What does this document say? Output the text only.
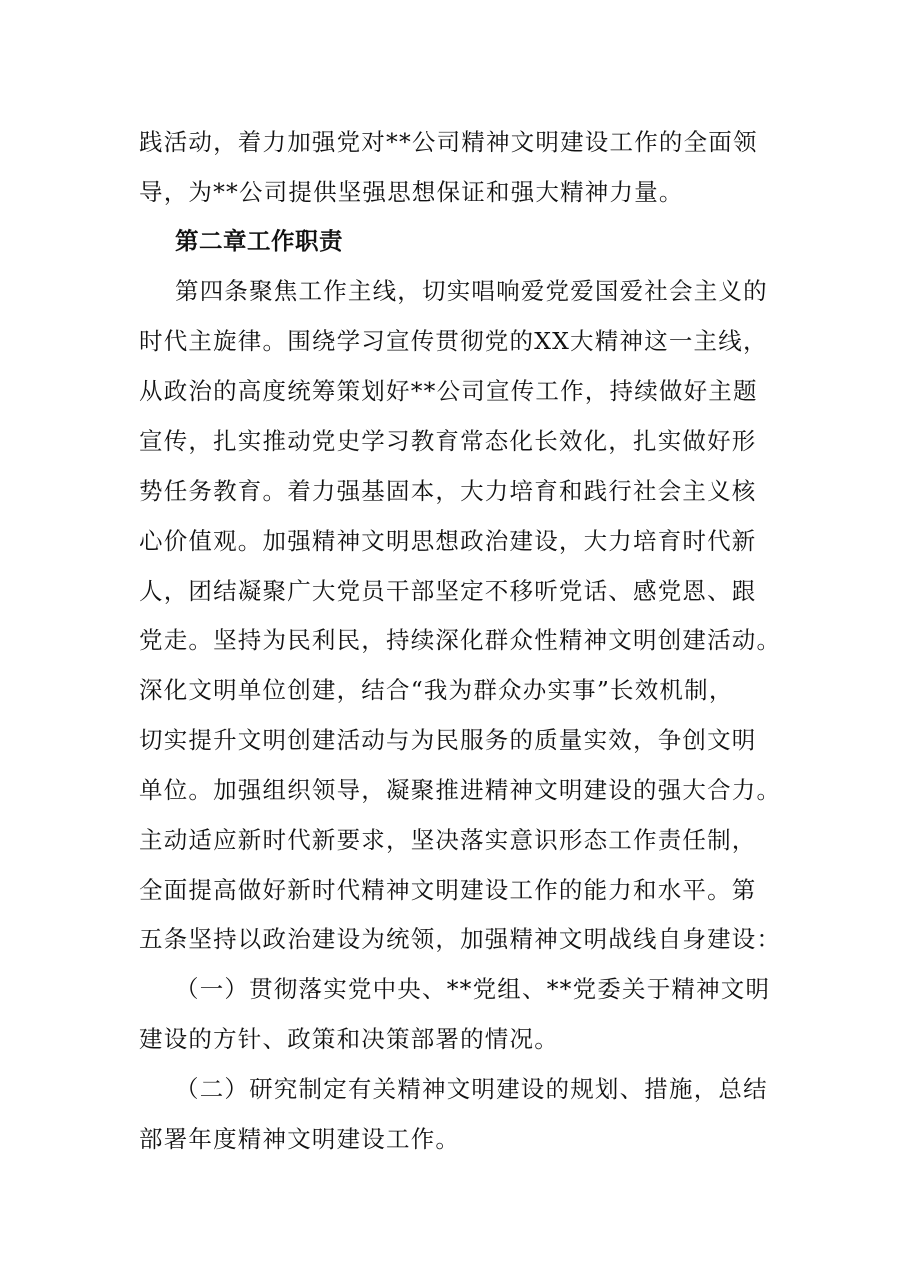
践活动，着力加强党对**公司精神文明建设工作的全面领
导，为**公司提供坚强思想保证和强大精神力量。
第二章工作职责
第四条聚焦工作主线，切实唱响爱党爱国爱社会主义的
时代主旋律。围绕学习宣传贯彻党的XX大精神这一主线，
从政治的高度统筹策划好**公司宣传工作，持续做好主题
宣传，扎实推动党史学习教育常态化长效化，扎实做好形
势任务教育。着力强基固本，大力培育和践行社会主义核
心价值观。加强精神文明思想政治建设，大力培育时代新
人，团结凝聚广大党员干部坚定不移听党话、感党恩、跟
党走。坚持为民利民，持续深化群众性精神文明创建活动。
深化文明单位创建，结合“我为群众办实事”长效机制，
切实提升文明创建活动与为民服务的质量实效，争创文明
单位。加强组织领导，凝聚推进精神文明建设的强大合力。
主动适应新时代新要求，坚决落实意识形态工作责任制，
全面提高做好新时代精神文明建设工作的能力和水平。第
五条坚持以政治建设为统领，加强精神文明战线自身建设：
（一）贯彻落实党中央、**党组、**党委关于精神文明
建设的方针、政策和决策部署的情况。
（二）研究制定有关精神文明建设的规划、措施，总结
部署年度精神文明建设工作。
